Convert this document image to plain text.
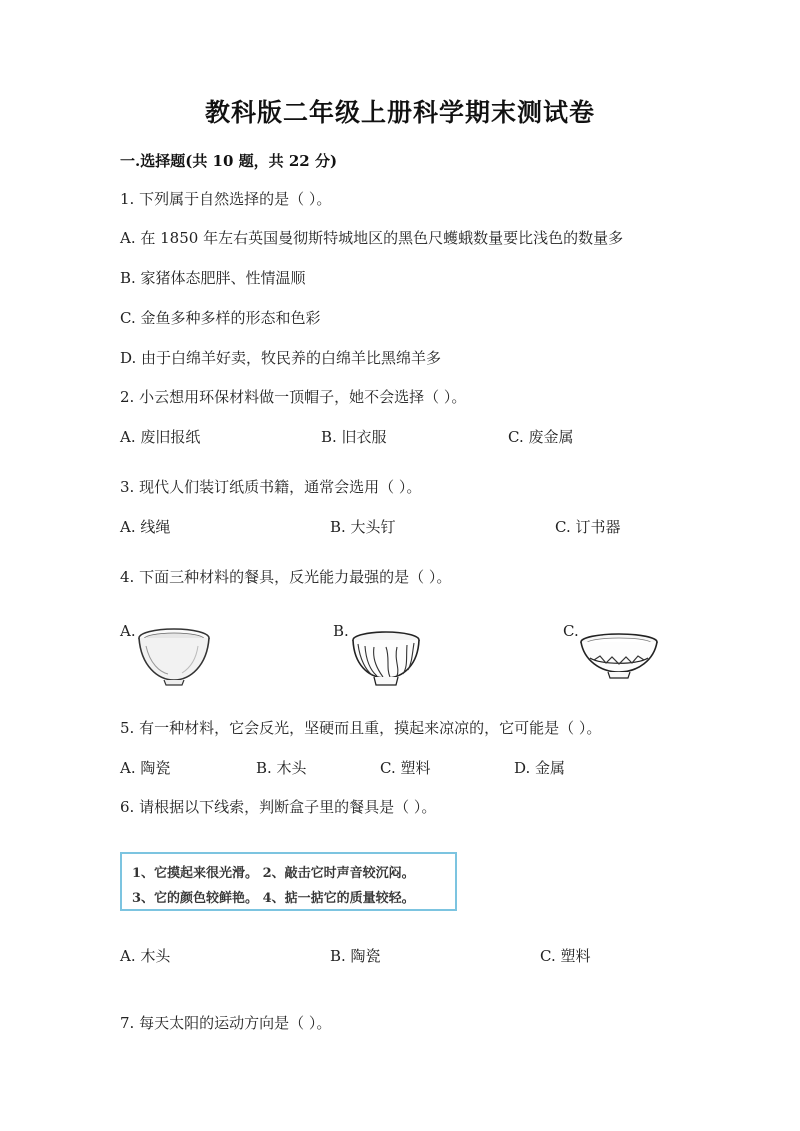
教科版二年级上册科学期末测试卷
一.选择题(共 10 题，共 22 分)
1. 下列属于自然选择的是（ ）。
A. 在 1850 年左右英国曼彻斯特城地区的黑色尺蠖蛾数量要比浅色的数量多
B. 家猪体态肥胖、性情温顺
C. 金鱼多种多样的形态和色彩
D. 由于白绵羊好卖，牧民养的白绵羊比黑绵羊多
2. 小云想用环保材料做一顶帽子，她不会选择（ ）。
A. 废旧报纸	B. 旧衣服	C. 废金属
3. 现代人们装订纸质书籍，通常会选用（ ）。
A. 线绳	B. 大头钉	C. 订书器
4. 下面三种材料的餐具，反光能力最强的是（ ）。
A.	B.	C.
5. 有一种材料，它会反光，坚硬而且重，摸起来凉凉的，它可能是（ ）。
A. 陶瓷	B. 木头	C. 塑料	D. 金属
6. 请根据以下线索，判断盒子里的餐具是（ ）。
1、它摸起来很光滑。 2、敲击它时声音较沉闷。
3、它的颜色较鲜艳。 4、掂一掂它的质量较轻。
A. 木头	B. 陶瓷	C. 塑料
7. 每天太阳的运动方向是（ ）。
